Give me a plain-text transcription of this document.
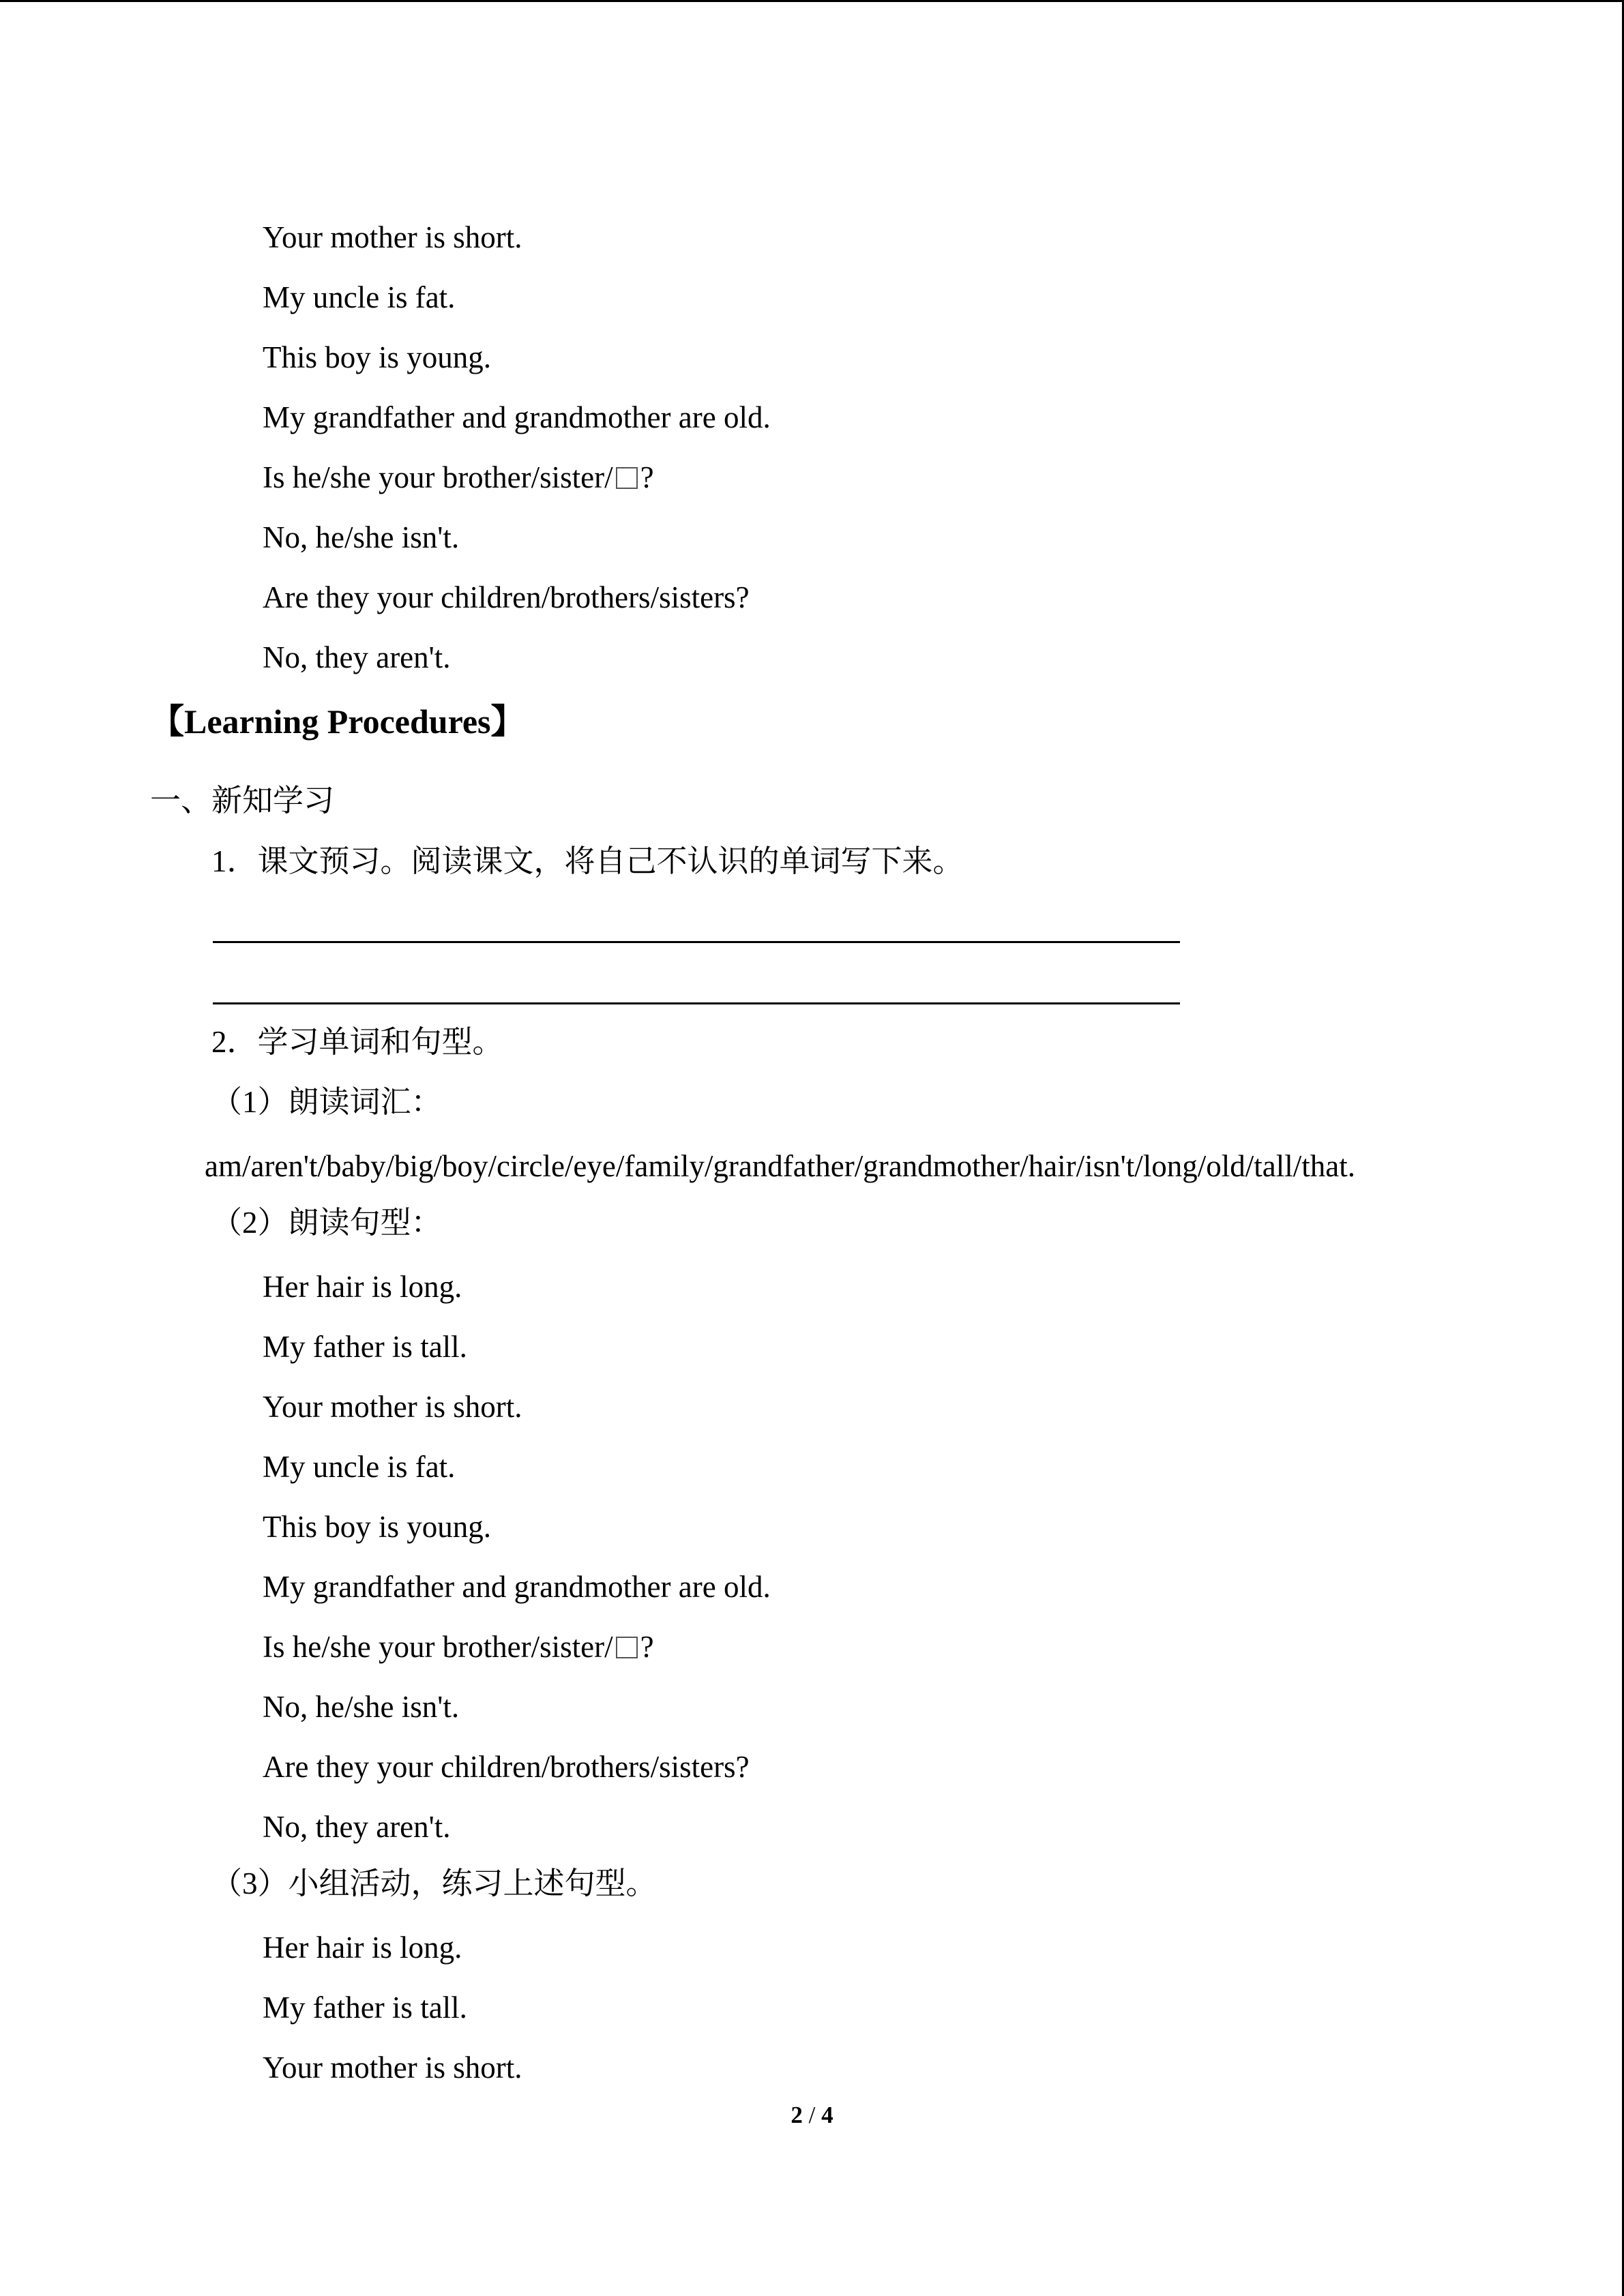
Your mother is short.
My uncle is fat.
This boy is young.
My grandfather and grandmother are old.
Is he/she your brother/sister/ ?
No, he/she isn't.
Are they your children/brothers/sisters?
No, they aren't.
【Learning Procedures】
一、新知学习
1．课文预习。阅读课文，将自己不认识的单词写下来。
2．学习单词和句型。
（1）朗读词汇：
am/aren't/baby/big/boy/circle/eye/family/grandfather/grandmother/hair/isn't/long/old/tall/that.
（2）朗读句型：
Her hair is long.
My father is tall.
Your mother is short.
My uncle is fat.
This boy is young.
My grandfather and grandmother are old.
Is he/she your brother/sister/ ?
No, he/she isn't.
Are they your children/brothers/sisters?
No, they aren't.
（3）小组活动，练习上述句型。
Her hair is long.
My father is tall.
Your mother is short.
2 / 4
